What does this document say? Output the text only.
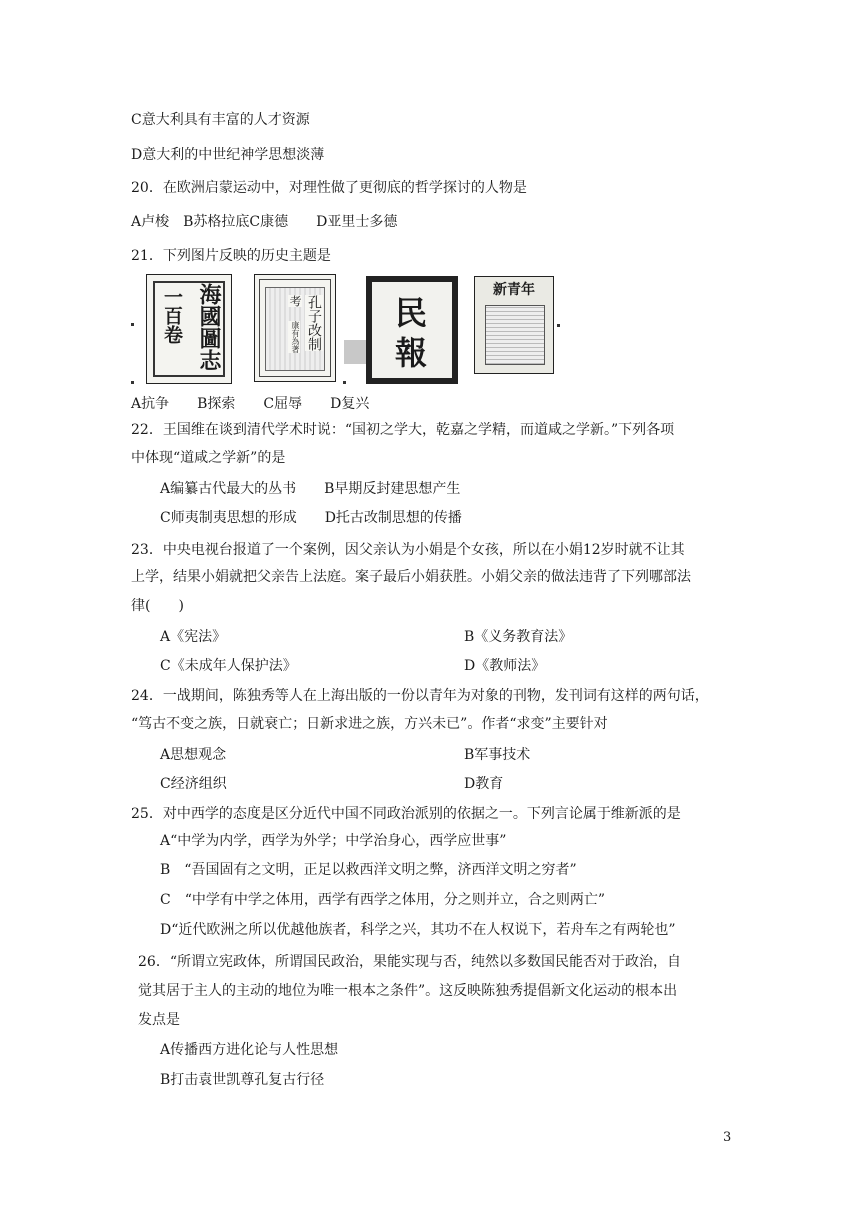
C意大利具有丰富的人才资源
D意大利的中世纪神学思想淡薄
20．在欧洲启蒙运动中，对理性做了更彻底的哲学探讨的人物是
A卢梭　B苏格拉底C康德　　D亚里士多德
21．下列图片反映的历史主题是
一百卷 海國圖志	孔子改制
考
康有為著
民報
年青新
A抗争　　B探索　　C屈辱　　D复兴
22．王国维在谈到清代学术时说：“国初之学大，乾嘉之学精，而道咸之学新。”下列各项
中体现“道咸之学新”的是
A编纂古代最大的丛书　　B早期反封建思想产生
C师夷制夷思想的形成　　D托古改制思想的传播
23．中央电视台报道了一个案例，因父亲认为小娟是个女孩，所以在小娟12岁时就不让其
上学，结果小娟就把父亲告上法庭。案子最后小娟获胜。小娟父亲的做法违背了下列哪部法
律(　　)
A《宪法》	B《义务教育法》
C《未成年人保护法》	D《教师法》
24．一战期间，陈独秀等人在上海出版的一份以青年为对象的刊物，发刊词有这样的两句话，
“笃古不变之族，日就衰亡；日新求进之族，方兴未已”。作者“求变”主要针对
A思想观念	B军事技术
C经济组织	D教育
25．对中西学的态度是区分近代中国不同政治派别的依据之一。下列言论属于维新派的是
A“中学为内学，西学为外学；中学治身心，西学应世事”
B　“吾国固有之文明，正足以救西洋文明之弊，济西洋文明之穷者”
C　“中学有中学之体用，西学有西学之体用，分之则并立，合之则两亡”
D“近代欧洲之所以优越他族者，科学之兴，其功不在人权说下，若舟车之有两轮也”
26．“所谓立宪政体，所谓国民政治，果能实现与否，纯然以多数国民能否对于政治，自
觉其居于主人的主动的地位为唯一根本之条件”。这反映陈独秀提倡新文化运动的根本出
发点是
A传播西方进化论与人性思想
B打击袁世凯尊孔复古行径
3
